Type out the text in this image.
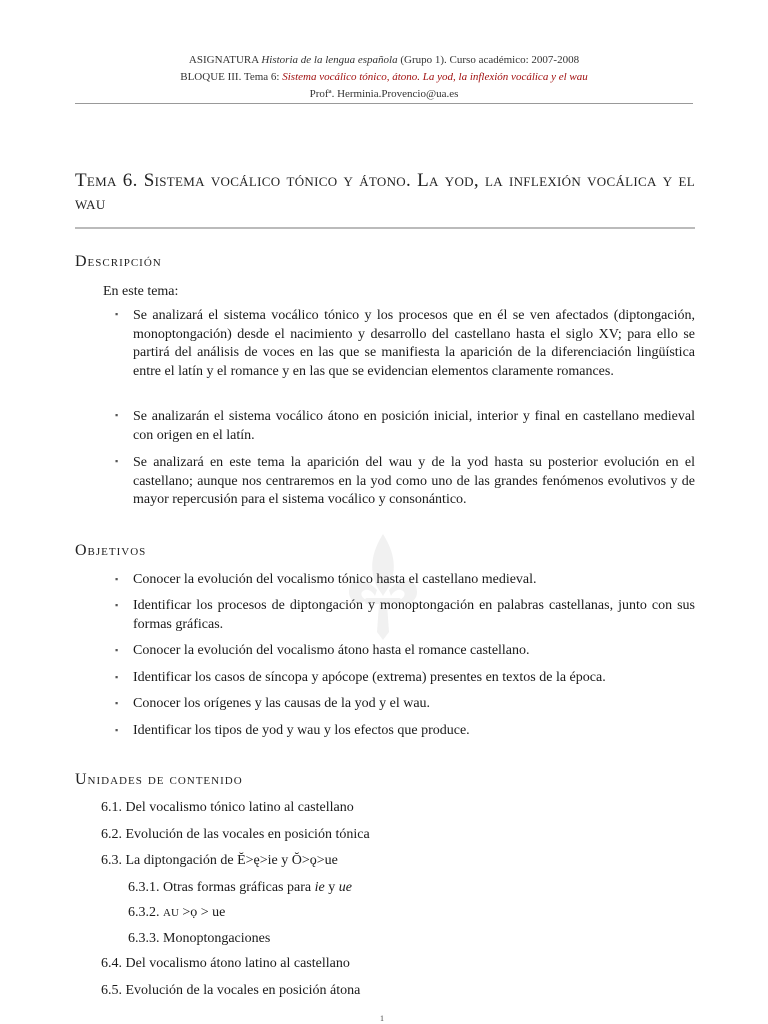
ASIGNATURA Historia de la lengua española (Grupo 1). Curso académico: 2007-2008
BLOQUE III. Tema 6: Sistema vocálico tónico, átono. La yod, la inflexión vocálica y el wau
Profª. Herminia.Provencio@ua.es
Tema 6. Sistema vocálico tónico y átono. La yod, la inflexión vocálica y el wau
Descripción
En este tema:
▪ Se analizará el sistema vocálico tónico y los procesos que en él se ven afectados (diptongación, monoptongación) desde el nacimiento y desarrollo del castellano hasta el siglo XV; para ello se partirá del análisis de voces en las que se manifiesta la aparición de la diferenciación lingüística entre el latín y el romance y en las que se evidencian elementos claramente romances.
▪ Se analizarán el sistema vocálico átono en posición inicial, interior y final en castellano medieval con origen en el latín.
▪ Se analizará en este tema la aparición del wau y de la yod hasta su posterior evolución en el castellano; aunque nos centraremos en la yod como uno de las grandes fenómenos evolutivos y de mayor repercusión para el sistema vocálico y consonántico.
Objetivos
▪ Conocer la evolución del vocalismo tónico hasta el castellano medieval.
▪ Identificar los procesos de diptongación y monoptongación en palabras castellanas, junto con sus formas gráficas.
▪ Conocer la evolución del vocalismo átono hasta el romance castellano.
▪ Identificar los casos de síncopa y apócope (extrema) presentes en textos de la época.
▪ Conocer los orígenes y las causas de la yod y el wau.
▪ Identificar los tipos de yod y wau y los efectos que produce.
Unidades de contenido
6.1. Del vocalismo tónico latino al castellano
6.2. Evolución de las vocales en posición tónica
6.3. La diptongación de Ĕ>ę>ie y Ŏ>ǫ>ue
6.3.1. Otras formas gráficas para ie y ue
6.3.2. AU >ọ > ue
6.3.3. Monoptongaciones
6.4. Del vocalismo átono latino al castellano
6.5. Evolución de la vocales en posición átona
1
